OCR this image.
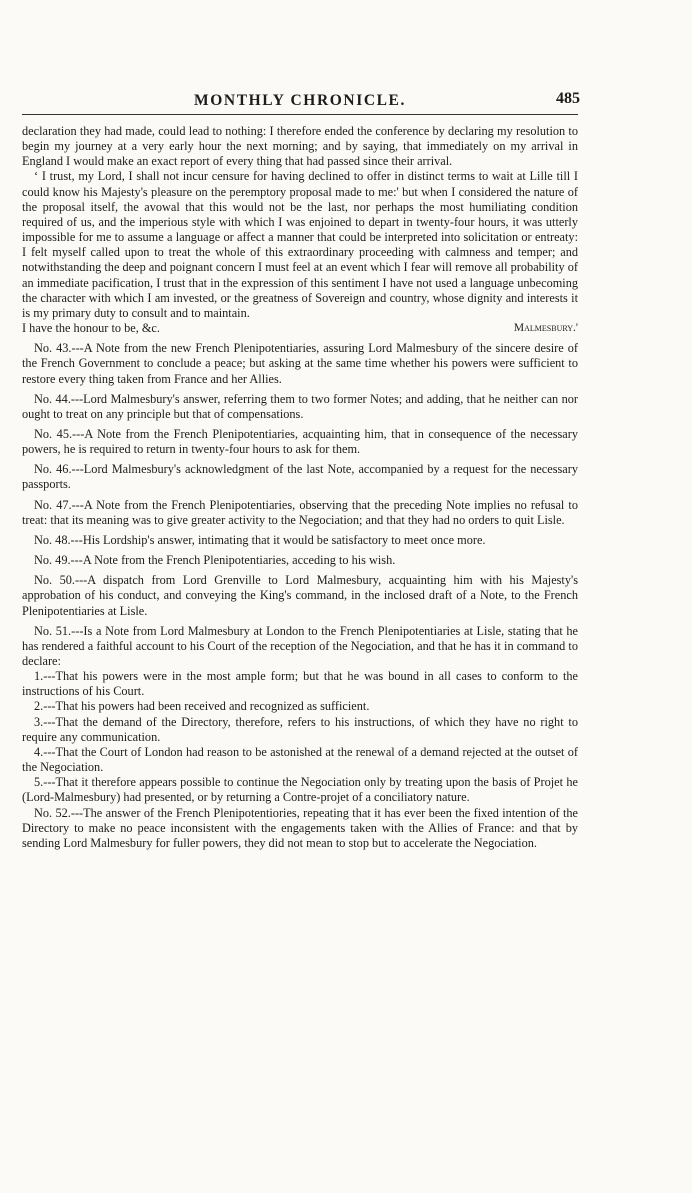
MONTHLY CHRONICLE.	485

declaration they had made, could lead to nothing: I therefore ended the conference by declaring my resolution to begin my journey at a very early hour the next morning; and by saying, that immediately on my arrival in England I would make an exact report of every thing that had passed since their arrival.

‘ I trust, my Lord, I shall not incur censure for having declined to offer in distinct terms to wait at Lille till I could know his Majesty's pleasure on the peremptory proposal made to me:' but when I considered the nature of the proposal itself, the avowal that this would not be the last, nor perhaps the most humiliating condition required of us, and the imperious style with which I was enjoined to depart in twenty-four hours, it was utterly impossible for me to assume a language or affect a manner that could be interpreted into solicitation or entreaty: I felt myself called upon to treat the whole of this extraordinary proceeding with calmness and temper; and notwithstanding the deep and poignant concern I must feel at an event which I fear will remove all probability of an immediate pacification, I trust that in the expression of this sentiment I have not used a language unbecoming the character with which I am invested, or the greatness of Sovereign and country, whose dignity and interests it is my primary duty to consult and to maintain.

I have the honour to be, &c.	Malmesbury.'

No. 43.---A Note from the new French Plenipotentiaries, assuring Lord Malmesbury of the sincere desire of the French Government to conclude a peace; but asking at the same time whether his powers were sufficient to restore every thing taken from France and her Allies.

No. 44.---Lord Malmesbury's answer, referring them to two former Notes; and adding, that he neither can nor ought to treat on any principle but that of compensations.

No. 45.---A Note from the French Plenipotentiaries, acquainting him, that in consequence of the necessary powers, he is required to return in twenty-four hours to ask for them.

No. 46.---Lord Malmesbury's acknowledgment of the last Note, accompanied by a request for the necessary passports.

No. 47.---A Note from the French Plenipotentiaries, observing that the preceding Note implies no refusal to treat: that its meaning was to give greater activity to the Negociation; and that they had no orders to quit Lisle.

No. 48.---His Lordship's answer, intimating that it would be satisfactory to meet once more.

No. 49.---A Note from the French Plenipotentiaries, acceding to his wish.

No. 50.---A dispatch from Lord Grenville to Lord Malmesbury, acquainting him with his Majesty's approbation of his conduct, and conveying the King's command, in the inclosed draft of a Note, to the French Plenipotentiaries at Lisle.

No. 51.---Is a Note from Lord Malmesbury at London to the French Plenipotentiaries at Lisle, stating that he has rendered a faithful account to his Court of the reception of the Negociation, and that he has it in command to declare:

1.---That his powers were in the most ample form; but that he was bound in all cases to conform to the instructions of his Court.

2.---That his powers had been received and recognized as sufficient.

3.---That the demand of the Directory, therefore, refers to his instructions, of which they have no right to require any communication.

4.---That the Court of London had reason to be astonished at the renewal of a demand rejected at the outset of the Negociation.

5.---That it therefore appears possible to continue the Negociation only by treating upon the basis of Projet he (Lord-Malmesbury) had presented, or by returning a Contre-projet of a conciliatory nature.

No. 52.---The answer of the French Plenipotentiories, repeating that it has ever been the fixed intention of the Directory to make no peace inconsistent with the engagements taken with the Allies of France: and that by sending Lord Malmesbury for fuller powers, they did not mean to stop but to accelerate the Negociation.
